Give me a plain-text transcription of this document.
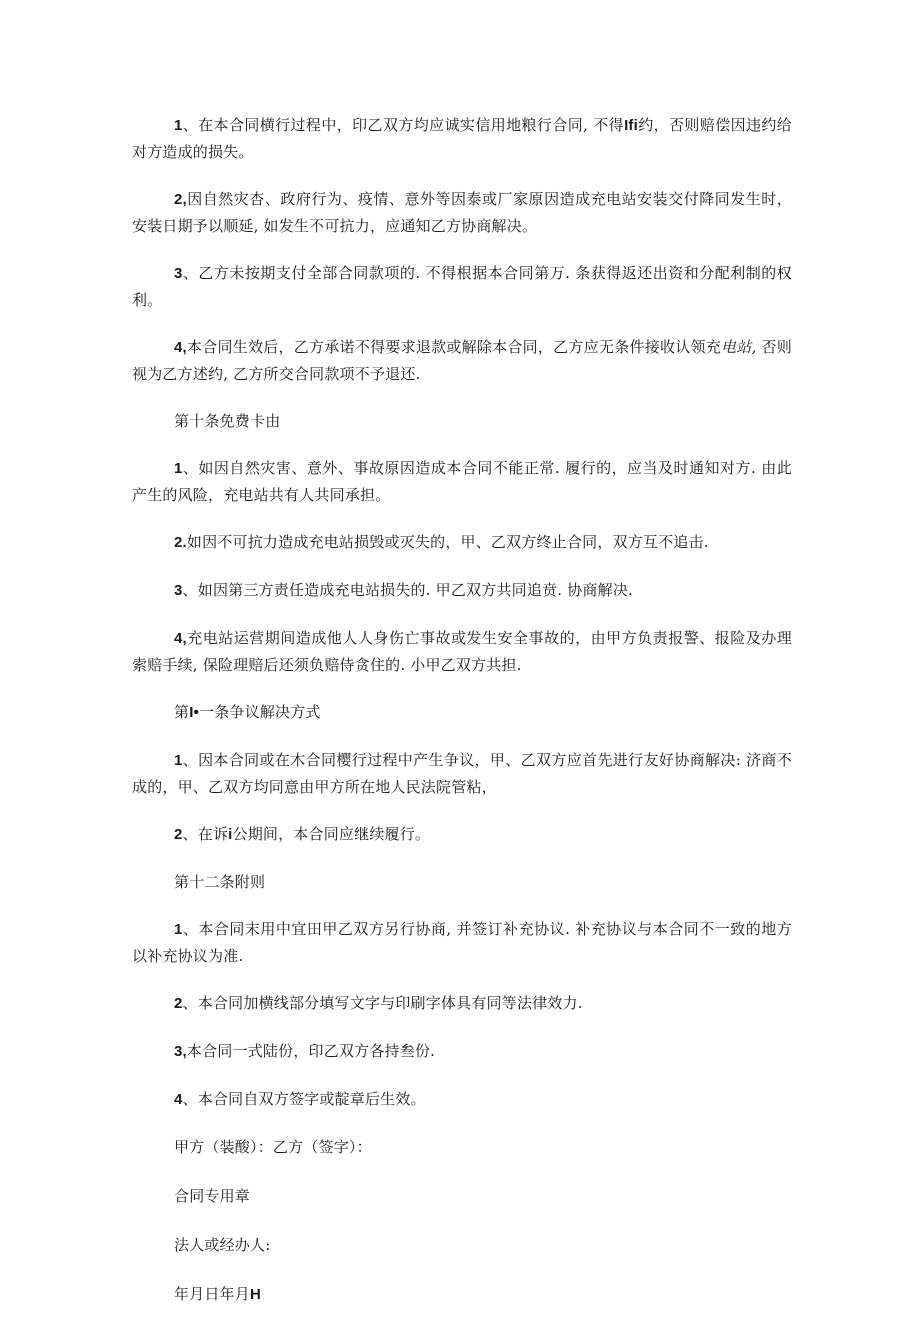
1、在本合同横行过程中，印乙双方均应诚实信用地粮行合同, 不得Ifi约，否则赔偿因违约给对方造成的损失。

2,因自然灾杏、政府行为、疫情、意外等因泰或厂家原因造成充电站安装交付降同发生时，安装日期予以顺延, 如发生不可抗力，应通知乙方协商解决。

3、乙方未按期支付全部合同款项的. 不得根据本合同第万. 条获得返还出资和分配利制的权利。

4,本合同生效后，乙方承诺不得要求退款或解除本合同，乙方应无条件接收认领充电站, 否则视为乙方述约, 乙方所交合同款项不予退还.

第十条免费卡由

1、如因自然灾害、意外、事故原因造成本合同不能正常. 履行的，应当及时通知对方. 由此产生的风险，充电站共有人共同承担。

2.如因不可抗力造成充电站损毁或灭失的，甲、乙双方终止合同，双方互不追击.

3、如因第三方责任造成充电站损失的. 甲乙双方共同追贲. 协商解决.

4,充电站运营期间造成他人人身伤亡事故或发生安全事故的，由甲方负责报警、报险及办理索赔手续, 保险理赔后还须负赔侍贪住的. 小甲乙双方共担.

第I•一条争议解决方式

1、因本合同或在木合同樱行过程中产生争议，甲、乙双方应首先进行友好协商解决: 济商不成的，甲、乙双方均同意由甲方所在地人民法院管粘，

2、在诉i公期间，本合同应继续履行。

第十二条附则

1、本合同末用中宜田甲乙双方另行协商, 并签订补充协议. 补充协议与本合同不一致的地方以补充协议为准.

2、本合同加横线部分填写文字与印刷字体具有同等法律效力.

3,本合同一式陆份，印乙双方各持叁份.

4、本合同自双方签字或靛章后生效。

甲方（装酸）：乙方（签字）：

合同专用章

法人或经办人:

年月日年月H
